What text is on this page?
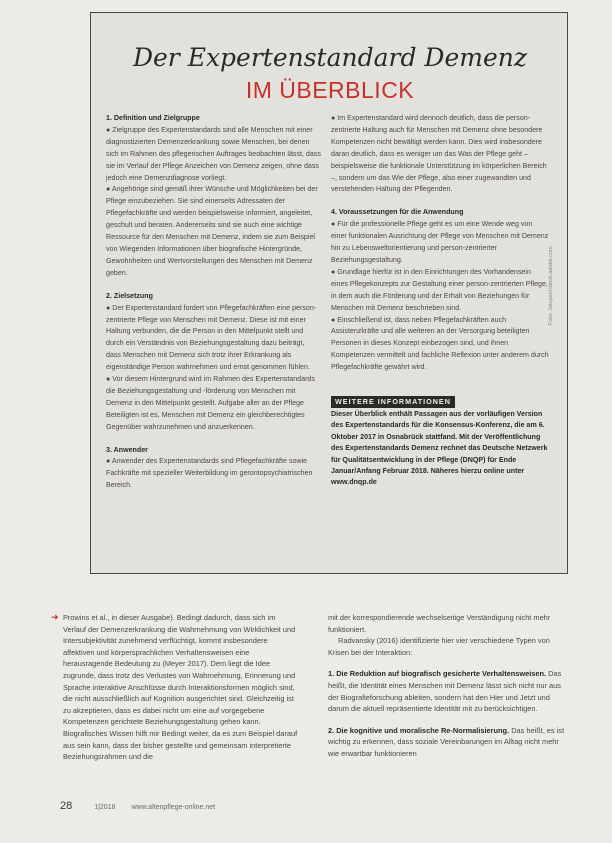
Der Expertenstandard Demenz
IM ÜBERBLICK

1. Definition und Zielgruppe

● Zielgruppe des Expertenstandards sind alle Menschen mit einer diagnostizierten Demenzerkrankung sowie Menschen, bei denen sich im Rahmen des pflegerischen Auftrages beobachten lässt, dass sie im Verlauf der Pflege Anzeichen von Demenz zeigen, ohne dass jedoch eine Demenzdiagnose vorliegt.

● Angehörige sind gemäß ihrer Wünsche und Möglichkeiten bei der Pflege einzubeziehen. Sie sind einerseits Adressaten der Pflegefachkräfte und werden beispielsweise informiert, angeleitet, geschult und beraten. Andererseits sind sie auch eine wichtige Ressource für den Menschen mit Demenz, indem sie zum Beispiel von Wiegenden Informationen über biografische Hintergründe, Gewohnheiten und Wertvorstellungen des Menschen mit Demenz geben.

2. Zielsetzung

● Der Expertenstandard fordert von Pflegefachkräften eine person-zentrierte Pflege von Menschen mit Demenz. Diese ist mit einer Haltung verbunden, die die Person in den Mittelpunkt stellt und durch ein Verständnis von Beziehungsgestaltung dazu beiträgt, dass Menschen mit Demenz sich trotz ihrer Erkrankung als eigenständige Person wahrnehmen und ernst genommen fühlen.

● Vor diesem Hintergrund wird im Rahmen des Expertenstandards die Beziehungsgestaltung und -förderung von Menschen mit Demenz in den Mittelpunkt gestellt. Aufgabe aller an der Pflege Beteiligten ist es, Menschen mit Demenz ein gleichberechtigtes Gegenüber wahrzunehmen und anzuerkennen.

3. Anwender

● Anwender des Expertenstandards sind Pflegefachkräfte sowie Fachkräfte mit spezieller Weiterbildung im gerontopsychiatrischen Bereich.

● Im Expertenstandard wird dennoch deutlich, dass die person-zentrierte Haltung auch für Menschen mit Demenz ohne besondere Kompetenzen nicht bewältigt werden kann. Dies wird insbesondere daran deutlich, dass es weniger um das Was der Pflege geht – beispielsweise die funktionale Unterstützung im körperlichen Bereich –, sondern um das Wie der Pflege, also einer zugewandten und verstehenden Haltung der Pflegenden.

4. Voraussetzungen für die Anwendung

● Für die professionelle Pflege geht es um eine Wende weg von einer funktionalen Ausrichtung der Pflege von Menschen mit Demenz hin zu Lebensweltorientierung und person-zentrierter Beziehungsgestaltung.

● Grundlage hierfür ist in den Einrichtungen des Vorhandensein eines Pflegekonzepts zur Gestaltung einer person-zentrierten Pflege, in dem auch die Förderung und der Erhalt von Beziehungen für Menschen mit Demenz beschrieben sind.

● Einschließend ist, dass neben Pflegefachkräften auch Assistenzkräfte und alle weiteren an der Versorgung beteiligten Personen in dieses Konzept einbezogen sind, und ihnen Kompetenzen vermittelt und fachliche Reflexion unter anderem durch Pflegefachkräfte gewährt wird.

WEITERE INFORMATIONEN

Dieser Überblick enthält Passagen aus der vorläufigen Version des Expertenstandards für die Konsensus-Konferenz, die am 6. Oktober 2017 in Osnabrück stattfand. Mit der Veröffentlichung des Expertenstandards Demenz rechnet das Deutsche Netzwerk für Qualitätsentwicklung in der Pflege (DNQP) für Ende Januar/Anfang Februar 2018. Näheres hierzu online unter www.dnqp.de

Foto: Jatuporn/stock.adobe.com
➜ Prowins et al., in dieser Ausgabe). Bedingt dadurch, dass sich im Verlauf der Demenzerkrankung die Wahrnehmung von Wirklichkeit und Intersubjektivität zunehmend verflüchtigt, kommt insbesondere affektiven und körpersprachlichen Verhaltensweisen eine herausragende Bedeutung zu (Meyer 2017). Dem liegt die Idee zugrunde, dass trotz des Verlustes von Wahrnehmung, Erinnerung und Sprache interaktive Anschlüsse durch Interaktionsformen möglich sind, die nicht ausschließlich auf Kognition ausgerichtet sind. Gleichzeitig ist zu akzeptieren, dass es dabei nicht um eine auf vorgegebene Kompetenzen gerichtete Beziehungsgestaltung gehen kann. Biografisches Wissen hilft mir Bedingt weiter, da es zum Beispiel darauf aus sein kann, dass der bisher gestellte und gemeinsam interpretierte Beziehungsrahmen und die

mit der korrespondierende wechselseitige Verständigung nicht mehr funktioniert.

Radvansky (2016) identifizierte hier vier verschiedene Typen von Krisen bei der Interaktion:

1. Die Reduktion auf biografisch gesicherte Verhaltensweisen. Das heißt, die Identität eines Menschen mit Demenz lässt sich nicht nur aus der Biografieforschung ableiten, sondern hat den Hier und Jetzt und darum die aktuell repräsentierte Identität mit zu berücksichtigen.

2. Die kognitive und moralische Re-Normalisierung. Das heißt, es ist wichtig zu erkennen, dass soziale Vereinbarungen im Alltag nicht mehr wie erwartbar funktionieren

28	1|2018 www.altenpflege-online.net
